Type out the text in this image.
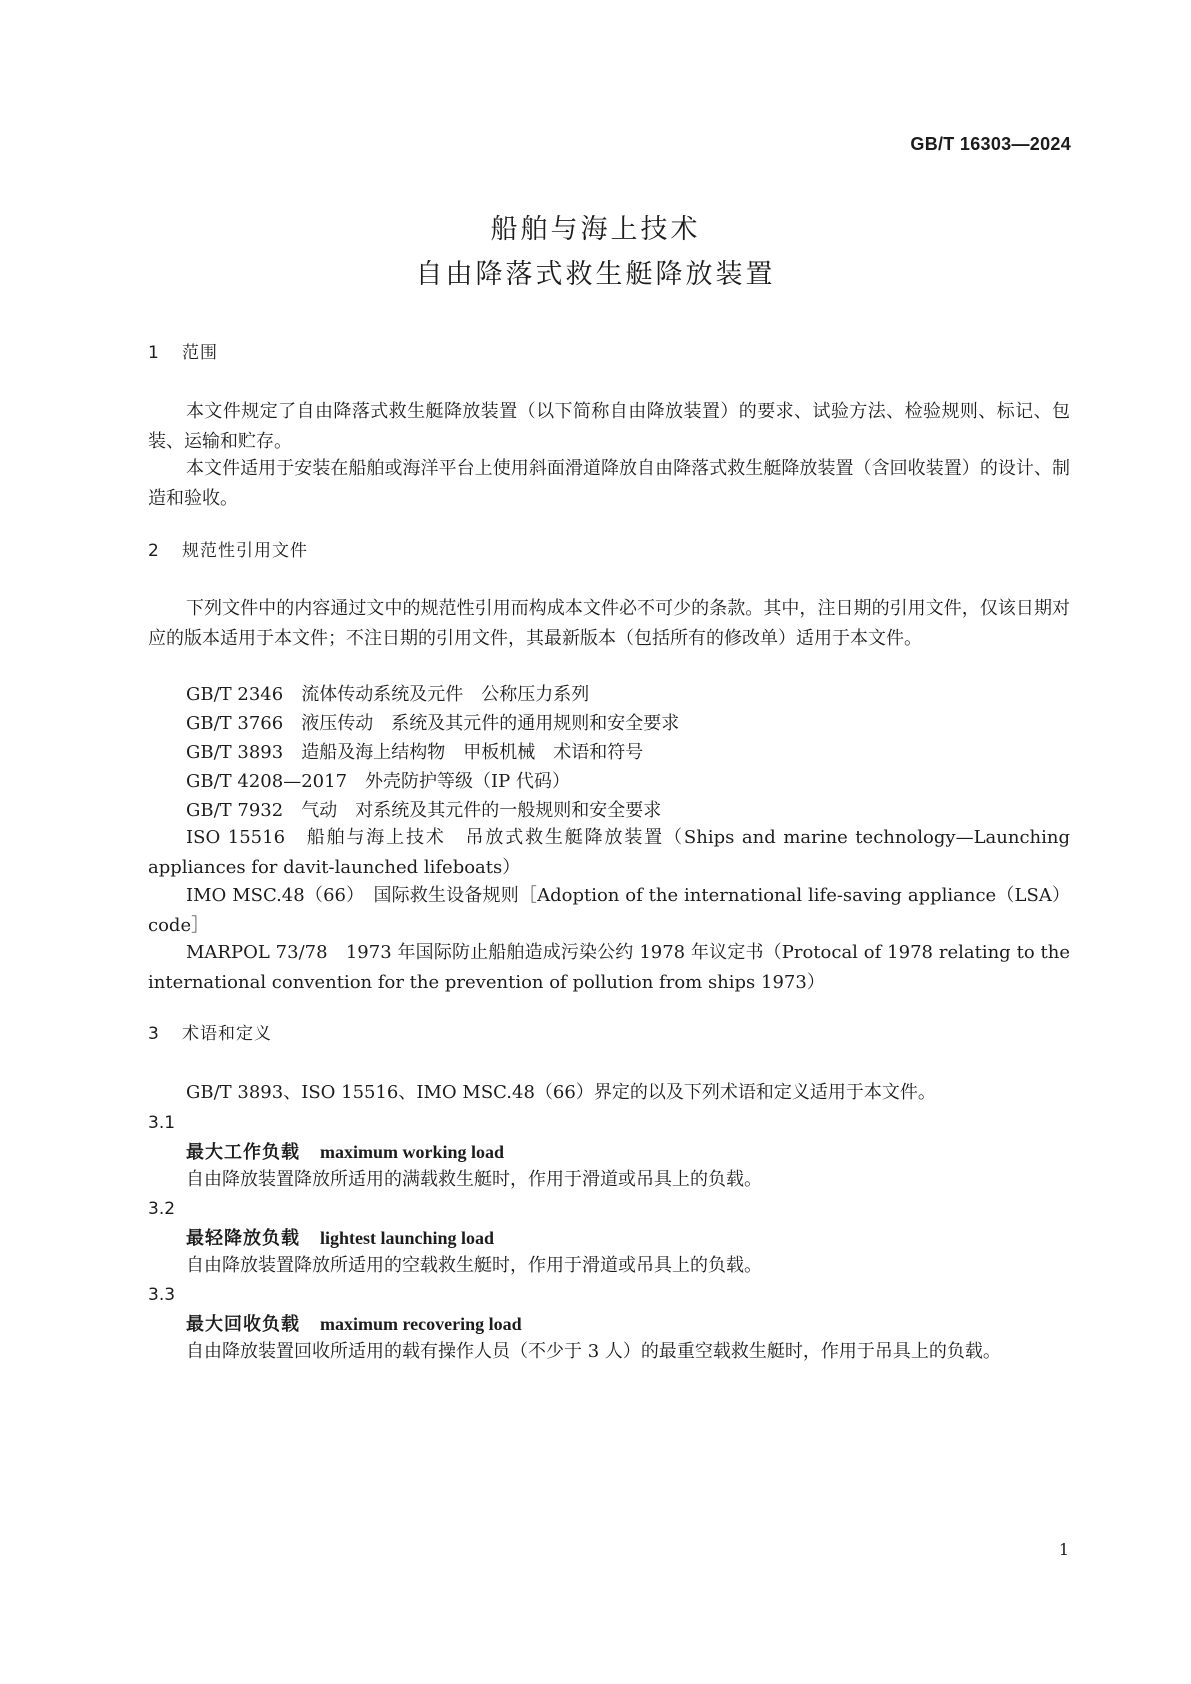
GB/T 16303—2024
船舶与海上技术
自由降落式救生艇降放装置
1 范围

本文件规定了自由降落式救生艇降放装置（以下简称自由降放装置）的要求、试验方法、检验规则、标记、包装、运输和贮存。

本文件适用于安装在船舶或海洋平台上使用斜面滑道降放自由降落式救生艇降放装置（含回收装置）的设计、制造和验收。

2 规范性引用文件

下列文件中的内容通过文中的规范性引用而构成本文件必不可少的条款。其中，注日期的引用文件，仅该日期对应的版本适用于本文件；不注日期的引用文件，其最新版本（包括所有的修改单）适用于本文件。

GB/T 2346　流体传动系统及元件　公称压力系列
GB/T 3766　液压传动　系统及其元件的通用规则和安全要求
GB/T 3893　造船及海上结构物　甲板机械　术语和符号
GB/T 4208—2017　外壳防护等级（IP 代码）
GB/T 7932　气动　对系统及其元件的一般规则和安全要求

ISO 15516　船舶与海上技术　吊放式救生艇降放装置（Ships and marine technology—Launching appliances for davit-launched lifeboats）

IMO MSC.48（66）　国际救生设备规则［Adoption of the international life-saving appliance（LSA） code］

MARPOL 73/78　1973 年国际防止船舶造成污染公约 1978 年议定书（Protocal of 1978 relating to the international convention for the prevention of pollution from ships 1973）

3 术语和定义

GB/T 3893、ISO 15516、IMO MSC.48（66）界定的以及下列术语和定义适用于本文件。

3.1
最大工作负载 maximum working load
自由降放装置降放所适用的满载救生艇时，作用于滑道或吊具上的负载。
3.2
最轻降放负载 lightest launching load
自由降放装置降放所适用的空载救生艇时，作用于滑道或吊具上的负载。
3.3
最大回收负载 maximum recovering load

自由降放装置回收所适用的载有操作人员（不少于 3 人）的最重空载救生艇时，作用于吊具上的负载。

1
